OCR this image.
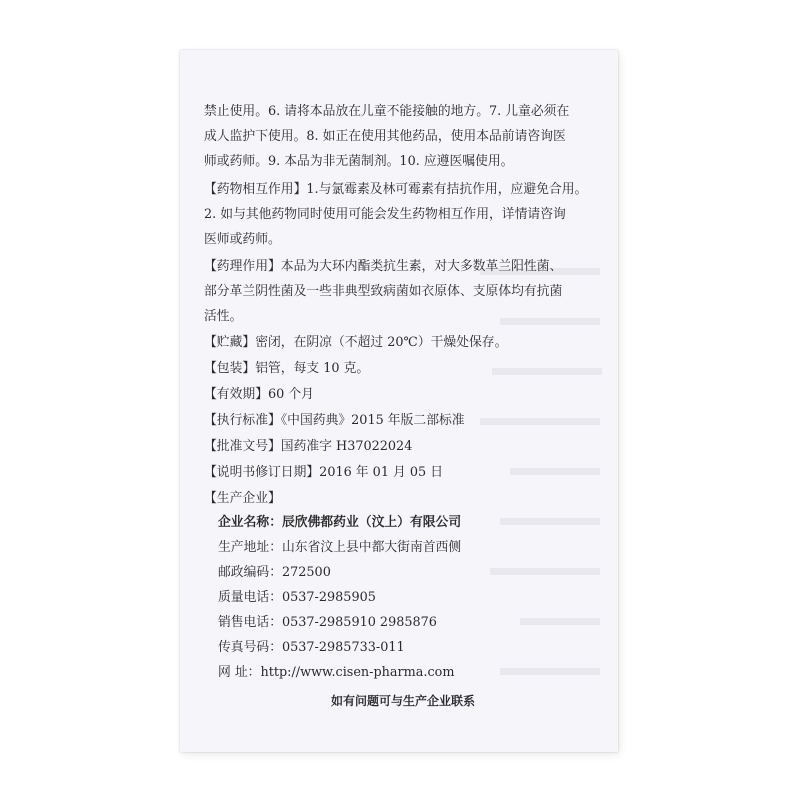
禁止使用。6. 请将本品放在儿童不能接触的地方。7. 儿童必须在
成人监护下使用。8. 如正在使用其他药品，使用本品前请咨询医
师或药师。9. 本品为非无菌制剂。10. 应遵医嘱使用。
【药物相互作用】1.与氯霉素及林可霉素有拮抗作用，应避免合用。
2. 如与其他药物同时使用可能会发生药物相互作用，详情请咨询
医师或药师。
【药理作用】本品为大环内酯类抗生素，对大多数革兰阳性菌、
部分革兰阴性菌及一些非典型致病菌如衣原体、支原体均有抗菌
活性。
【贮藏】密闭，在阴凉（不超过 20℃）干燥处保存。
【包装】铝管，每支 10 克。
【有效期】60 个月
【执行标准】《中国药典》2015 年版二部标准
【批准文号】国药准字 H37022024
【说明书修订日期】2016 年 01 月 05 日
【生产企业】
企业名称：辰欣佛都药业（汶上）有限公司
生产地址：山东省汶上县中都大街南首西侧
邮政编码：272500
质量电话：0537-2985905
销售电话：0537-2985910 2985876
传真号码：0537-2985733-011
网 址：http://www.cisen-pharma.com
如有问题可与生产企业联系
